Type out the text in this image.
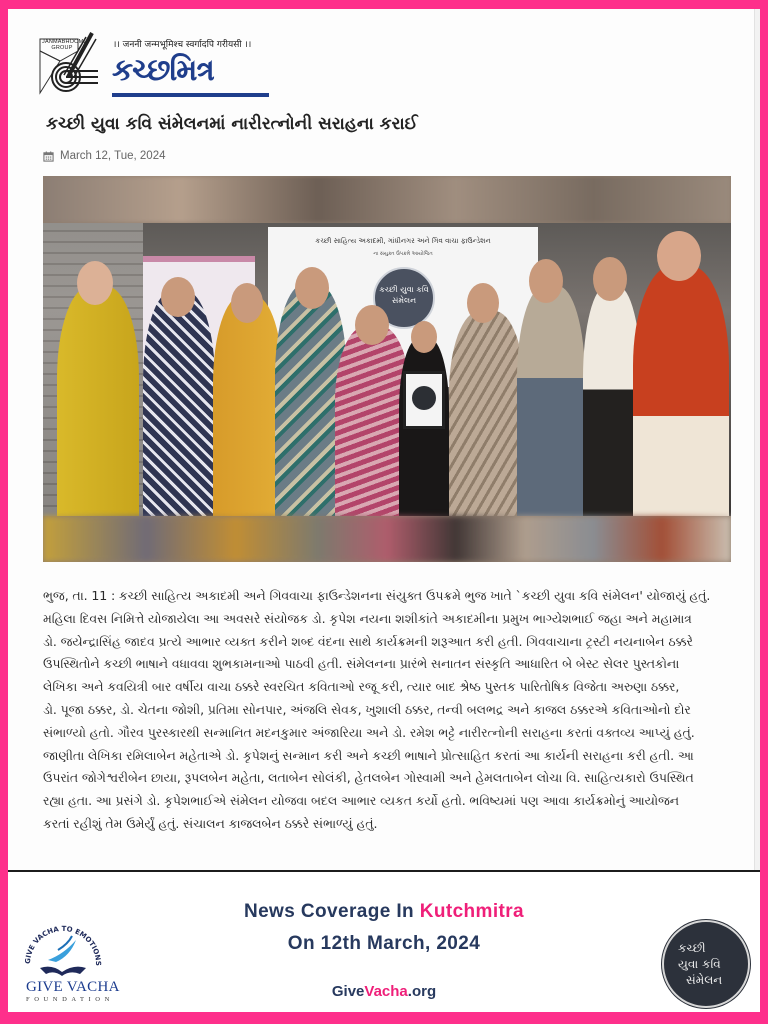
JANMABHOOMI GROUP	।। जननी जन्मभूमिश्च स्वर्गादपि गरीयसी ।।
કચ્છમિત્ર
કચ્છી યુવા કવિ સંમેલનમાં નારીરત્નોની સરાહના કરાઈ
March 12, Tue, 2024
કચ્છી સાહિત્ય અકાદમી, ગાંધીનગર અને ગિવ વાચા ફાઉન્ડેશન
ના સંયુક્ત ઉપક્રમે આયોજિત
કચ્છી યુવા કવિ સંમેલન

ભુજ, તા. 11 : કચ્છી સાહિત્ય અકાદમી અને ગિવવાચા ફાઉન્ડેશનના સંયુક્ત ઉપક્રમે ભુજ ખાતે `કચ્છી યુવા કવિ સંમેલન' યોજાયું હતું.

મહિલા દિવસ નિમિત્તે યોજાયેલા આ અવસરે સંયોજક ડો. કૃપેશ નયના શશીકાંતે અકાદમીના પ્રમુખ ભાગ્યેશભાઈ જહા અને મહામાત્ર

ડો. જયેન્દ્રાસિંહ જાદવ પ્રત્યે આભાર વ્યક્ત કરીને શબ્દ વંદના સાથે કાર્યક્રમની શરૂઆત કરી હતી. ગિવવાચાના ટ્રસ્ટી નયનાબેન ઠક્કરે

ઉપસ્થિતોને કચ્છી ભાષાને વધાવવા શુભકામનાઓ પાઠવી હતી. સંમેલનના પ્રારંભે સનાતન સંસ્કૃતિ આધારિત બે બેસ્ટ સેલર પુસ્તકોના

લેખિકા અને કવયિત્રી બાર વર્ષીય વાચા ઠક્કરે સ્વરચિત કવિતાઓ રજૂ કરી, ત્યાર બાદ શ્રેષ્ઠ પુસ્તક પારિતોષિક વિજેતા અરુણા ઠક્કર,

ડો. પૂજા ઠક્કર, ડો. ચેતના જોશી, પ્રતિમા સોનપાર, અંજલિ સેવક, ખુશાલી ઠક્કર, તન્વી બલભદ્ર અને કાજલ ઠક્કરએ કવિતાઓનો દોર

સંભાળ્યો હતો. ગૌરવ પુરસ્કારથી સન્માનિત મદનકુમાર અંજારિયા અને ડો. રમેશ ભટ્ટે નારીરત્નોની સરાહના કરતાં વક્તવ્ય આપ્યું હતું.

જાણીતા લેખિકા રમિલાબેન મહેતાએ ડો. કૃપેશનું સન્માન કરી અને કચ્છી ભાષાને પ્રોત્સાહિત કરતાં આ કાર્યની સરાહના કરી હતી. આ

ઉપરાંત જોગેશ્વરીબેન છાયા, રૂપલબેન મહેતા, લતાબેન સોલંકી, હેતલબેન ગોસ્વામી અને હેમલતાબેન લોચા વિ. સાહિત્યકારો ઉપસ્થિત

રહ્યા હતા. આ પ્રસંગે ડો. કૃપેશભાઈએ સંમેલન યોજવા બદલ આભાર વ્યકત કર્યો હતો. ભવિષ્યમાં પણ આવા કાર્યક્રમોનું આયોજન

કરતાં રહીશું તેમ ઉમેર્યું હતું. સંચાલન કાજલબેન ઠક્કરે સંભાળ્યું હતું.

GIVE VACHA TO EMOTIONS
GIVE VACHA
FOUNDATION
News Coverage In Kutchmitra
On 12th March, 2024
GiveVacha.org
કચ્છી
યુવા કવિ
સંમેલન
